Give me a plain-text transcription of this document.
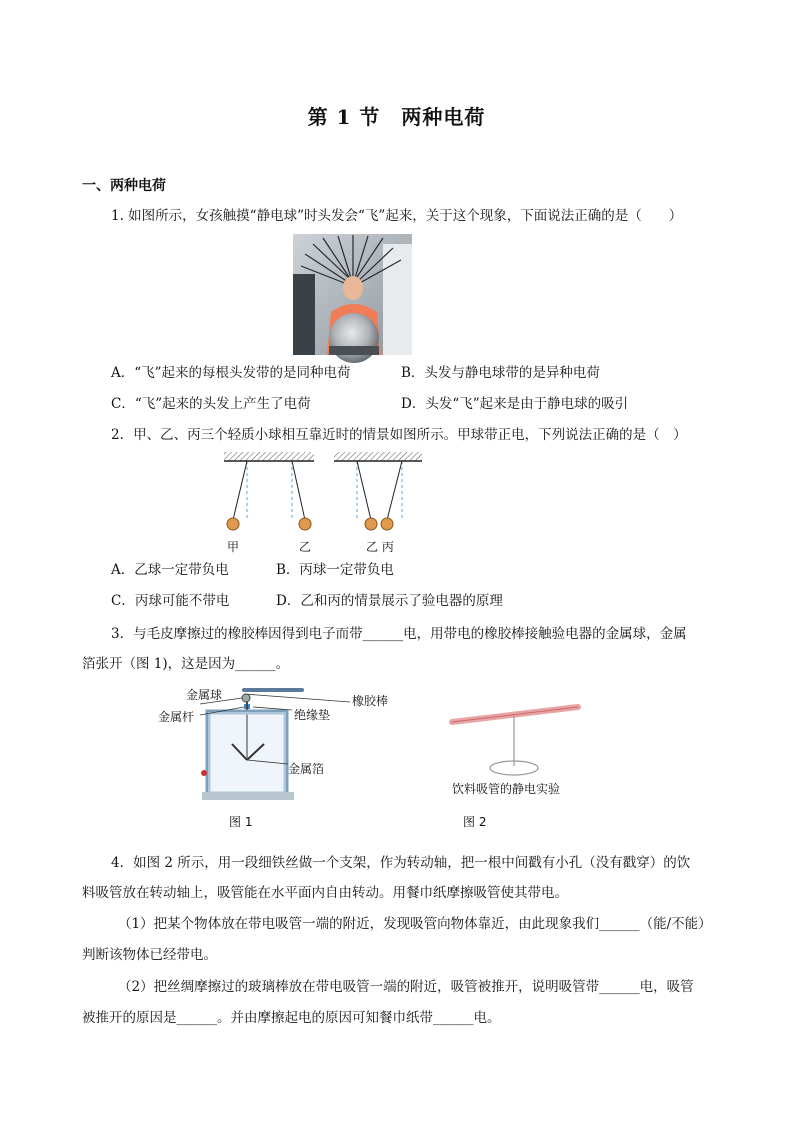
第 1 节　两种电荷
一、两种电荷
1. 如图所示，女孩触摸“静电球”时头发会“飞”起来，关于这个现象，下面说法正确的是（　　）
A．“飞”起来的每根头发带的是同种电荷	B．头发与静电球带的是异种电荷
C．“飞”起来的头发上产生了电荷	D．头发“飞”起来是由于静电球的吸引
2．甲、乙、丙三个轻质小球相互靠近时的情景如图所示。甲球带正电，下列说法正确的是（　）
甲	乙	乙 丙
A．乙球一定带负电	B．丙球一定带负电
C．丙球可能不带电	D．乙和丙的情景展示了验电器的原理
3．与毛皮摩擦过的橡胶棒因得到电子而带______电，用带电的橡胶棒接触验电器的金属球，金属
箔张开（图 1)，这是因为______。
金属球
金属杆
橡胶棒
绝缘垫
金属箔
图 1
饮料吸管的静电实验
图 2
4．如图 2 所示，用一段细铁丝做一个支架，作为转动轴，把一根中间戳有小孔（没有戳穿）的饮
料吸管放在转动轴上，吸管能在水平面内自由转动。用餐巾纸摩擦吸管使其带电。
（1）把某个物体放在带电吸管一端的附近，发现吸管向物体靠近，由此现象我们______（能/不能）
判断该物体已经带电。
（2）把丝绸摩擦过的玻璃棒放在带电吸管一端的附近，吸管被推开，说明吸管带______电，吸管
被推开的原因是______。并由摩擦起电的原因可知餐巾纸带______电。
